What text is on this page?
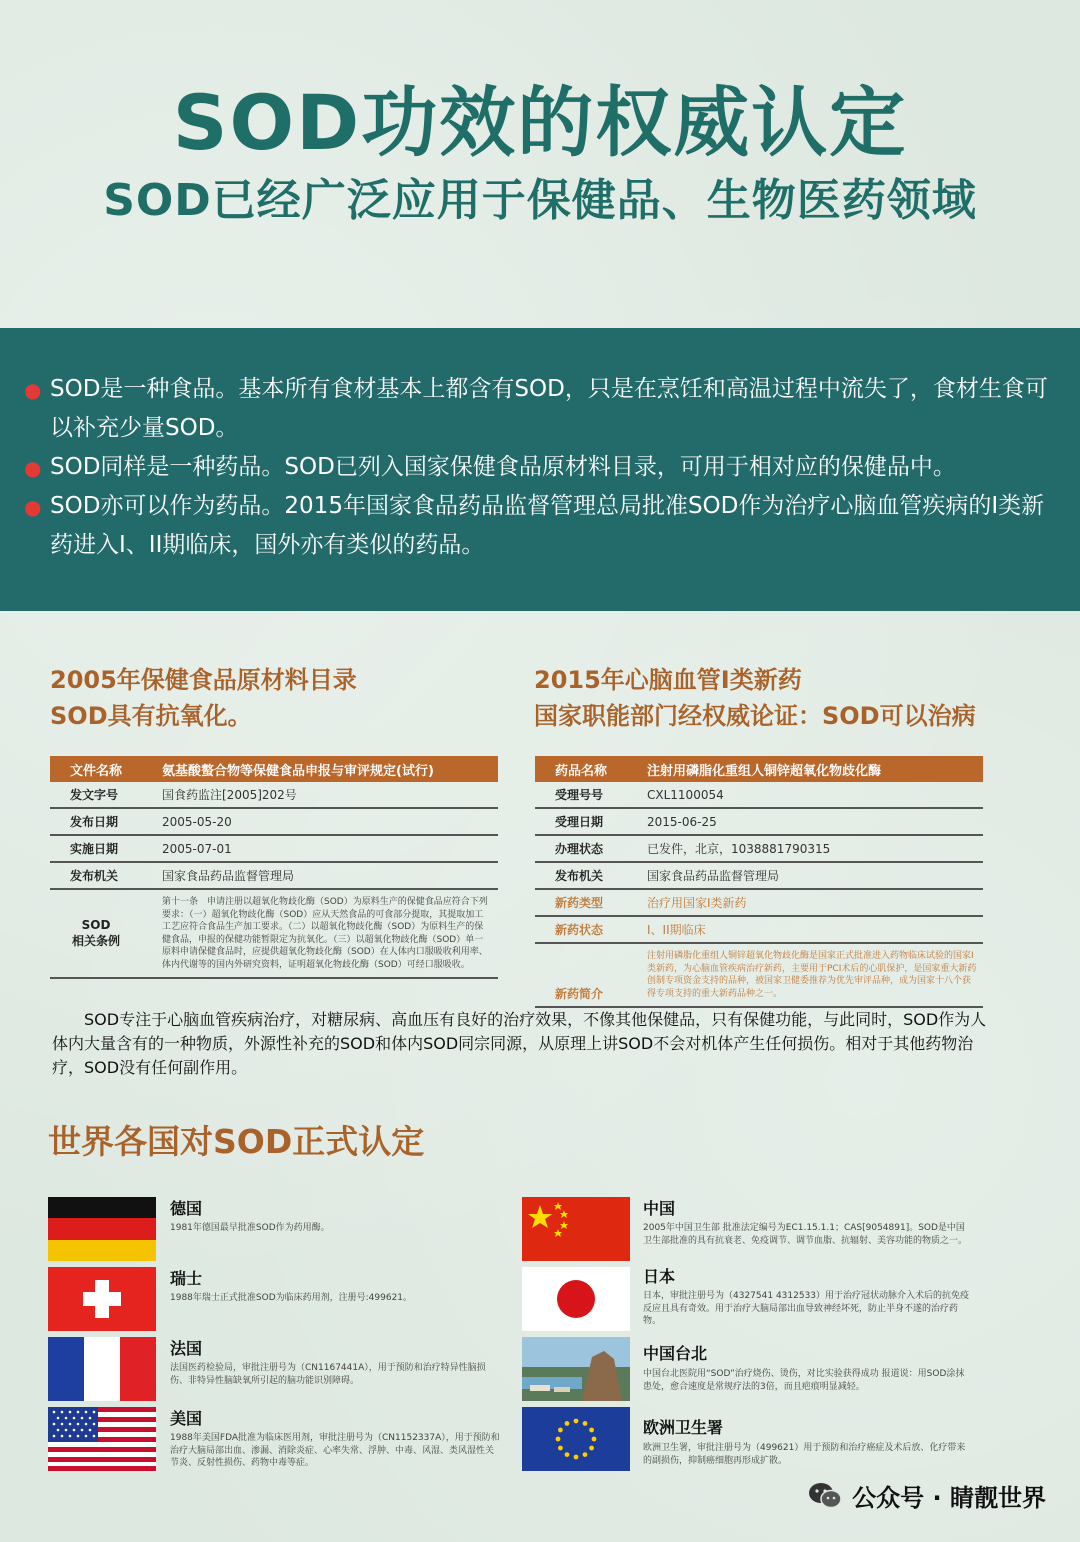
SOD功效的权威认定
SOD已经广泛应用于保健品、生物医药领域
● SOD是一种食品。基本所有食材基本上都含有SOD，只是在烹饪和高温过程中流失了，食材生食可以补充少量SOD。
● SOD同样是一种药品。SOD已列入国家保健食品原材料目录，可用于相对应的保健品中。
● SOD亦可以作为药品。2015年国家食品药品监督管理总局批准SOD作为治疗心脑血管疾病的I类新药进入I、II期临床，国外亦有类似的药品。
2005年保健食品原材料目录
SOD具有抗氧化。
文件名称	氨基酸螯合物等保健食品申报与审评规定(试行)
发文字号	国食药监注[2005]202号
发布日期	2005-05-20
实施日期	2005-07-01
发布机关	国家食品药品监督管理局
SOD
相关条例	第十一条　申请注册以超氧化物歧化酶（SOD）为原料生产的保健食品应符合下列要求：（一）超氧化物歧化酶（SOD）应从天然食品的可食部分提取，其提取加工工艺应符合食品生产加工要求。（二）以超氧化物歧化酶（SOD）为原料生产的保健食品，申报的保健功能暂限定为抗氧化。（三）以超氧化物歧化酶（SOD）单一原料申请保健食品时，应提供超氧化物歧化酶（SOD）在人体内口服吸收利用率、体内代谢等的国内外研究资料，证明超氧化物歧化酶（SOD）可经口服吸收。
2015年心脑血管I类新药
国家职能部门经权威论证：SOD可以治病
药品名称	注射用磷脂化重组人铜锌超氧化物歧化酶
受理号号	CXL1100054
受理日期	2015-06-25
办理状态	已发件，北京，1038881790315
发布机关	国家食品药品监督管理局
新药类型	治疗用国家I类新药
新药状态	I、II期临床
新药简介	注射用磷脂化重组人铜锌超氧化物歧化酶是国家正式批准进入药物临床试验的国家I类新药，为心脑血管疾病治疗新药，主要用于PCI术后的心肌保护，是国家重大新药创制专项资金支持的品种，被国家卫健委推荐为优先审评品种，成为国家十八个获得专项支持的重大新药品种之一。
SOD专注于心脑血管疾病治疗，对糖尿病、高血压有良好的治疗效果，不像其他保健品，只有保健功能，与此同时，SOD作为人体内大量含有的一种物质，外源性补充的SOD和体内SOD同宗同源，从原理上讲SOD不会对机体产生任何损伤。相对于其他药物治疗，SOD没有任何副作用。
世界各国对SOD正式认定
德国
1981年德国最早批准SOD作为药用酶。
瑞士
1988年瑞士正式批准SOD为临床药用剂，注册号:499621。
法国
法国医药检验局，审批注册号为（CN1167441A），用于预防和治疗特异性脑损伤、非特异性脑缺氧所引起的脑功能识别障碍。
美国
1988年美国FDA批准为临床医用剂，审批注册号为（CN1152337A），用于预防和治疗大脑局部出血、渗漏、消除炎症、心率失常、浮肿、中毒、风湿、类风湿性关节炎、反射性损伤、药物中毒等症。
中国
2005年中国卫生部 批准法定编号为EC1.15.1.1；CAS[9054891]。SOD是中国卫生部批准的具有抗衰老、免疫调节、调节血脂、抗辐射、美容功能的物质之一。
日本
日本，审批注册号为（4327541 4312533）用于治疗冠状动脉介入术后的抗免疫反应且具有奇效。用于治疗大脑局部出血导致神经坏死，防止半身不遂的治疗药物。
中国台北
中国台北医院用“SOD”治疗烧伤、烫伤，对比实验获得成功 报道说：用SOD涂抹患处，愈合速度是常规疗法的3倍，而且疤痕明显减轻。
欧洲卫生署
欧洲卫生署，审批注册号为（499621）用于预防和治疗癌症及术后放、化疗带来的副损伤，抑制癌细胞再形成扩散。
公众号 · 睛靓世界
